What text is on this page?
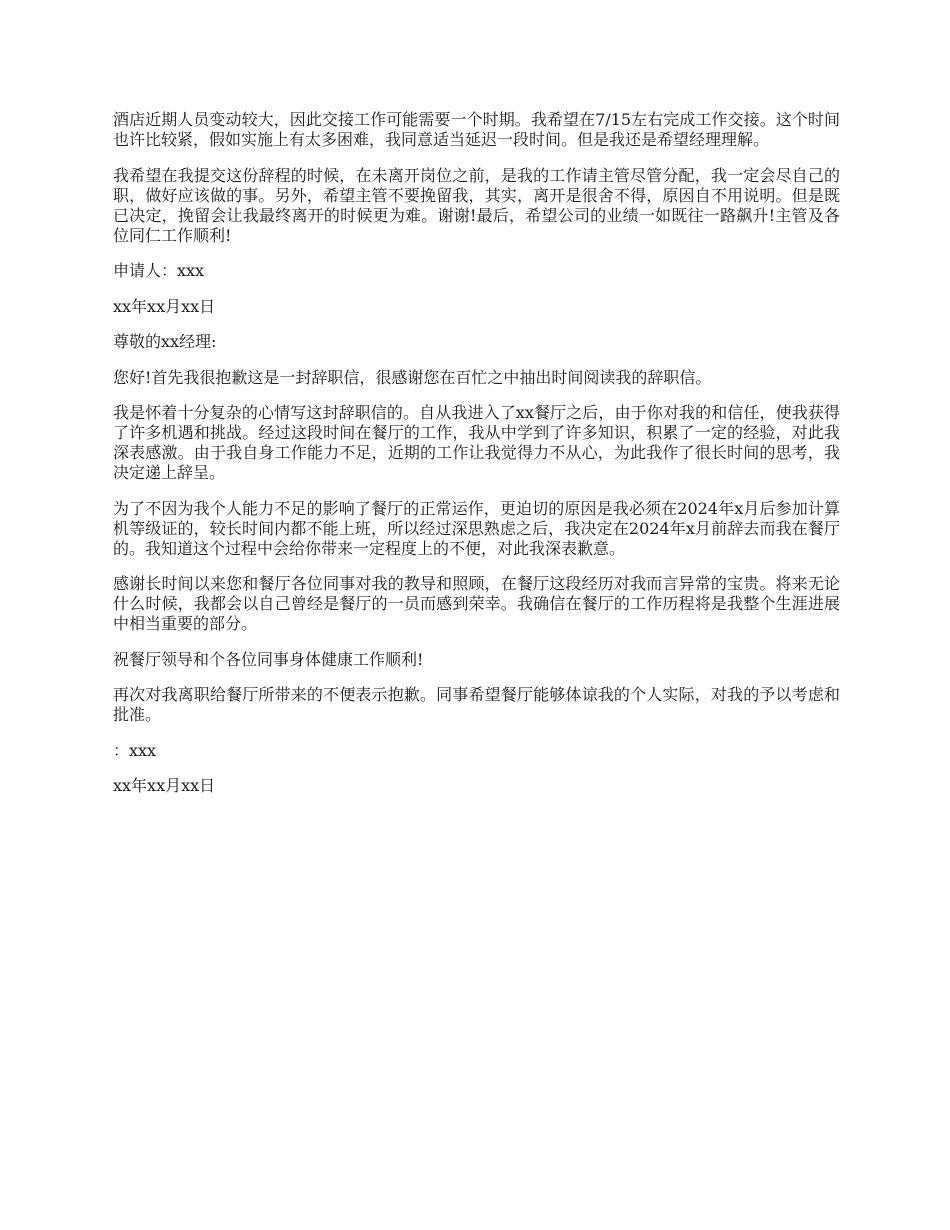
酒店近期人员变动较大，因此交接工作可能需要一个时期。我希望在7/15左右完成工作交接。这个时间也许比较紧，假如实施上有太多困难，我同意适当延迟一段时间。但是我还是希望经理理解。

我希望在我提交这份辞程的时候，在未离开岗位之前，是我的工作请主管尽管分配，我一定会尽自己的职，做好应该做的事。另外，希望主管不要挽留我，其实，离开是很舍不得，原因自不用说明。但是既已决定，挽留会让我最终离开的时候更为难。谢谢!最后，希望公司的业绩一如既往一路飙升!主管及各位同仁工作顺利!

申请人：xxx

xx年xx月xx日

尊敬的xx经理:

您好!首先我很抱歉这是一封辞职信，很感谢您在百忙之中抽出时间阅读我的辞职信。

我是怀着十分复杂的心情写这封辞职信的。自从我进入了xx餐厅之后，由于你对我的和信任，使我获得了许多机遇和挑战。经过这段时间在餐厅的工作，我从中学到了许多知识，积累了一定的经验，对此我深表感激。由于我自身工作能力不足，近期的工作让我觉得力不从心，为此我作了很长时间的思考，我决定递上辞呈。

为了不因为我个人能力不足的影响了餐厅的正常运作，更迫切的原因是我必须在2024年x月后参加计算机等级证的，较长时间内都不能上班，所以经过深思熟虑之后，我决定在2024年x月前辞去而我在餐厅的。我知道这个过程中会给你带来一定程度上的不便，对此我深表歉意。

感谢长时间以来您和餐厅各位同事对我的教导和照顾，在餐厅这段经历对我而言异常的宝贵。将来无论什么时候，我都会以自己曾经是餐厅的一员而感到荣幸。我确信在餐厅的工作历程将是我整个生涯进展中相当重要的部分。

祝餐厅领导和个各位同事身体健康工作顺利!

再次对我离职给餐厅所带来的不便表示抱歉。同事希望餐厅能够体谅我的个人实际，对我的予以考虑和批准。

：xxx

xx年xx月xx日
